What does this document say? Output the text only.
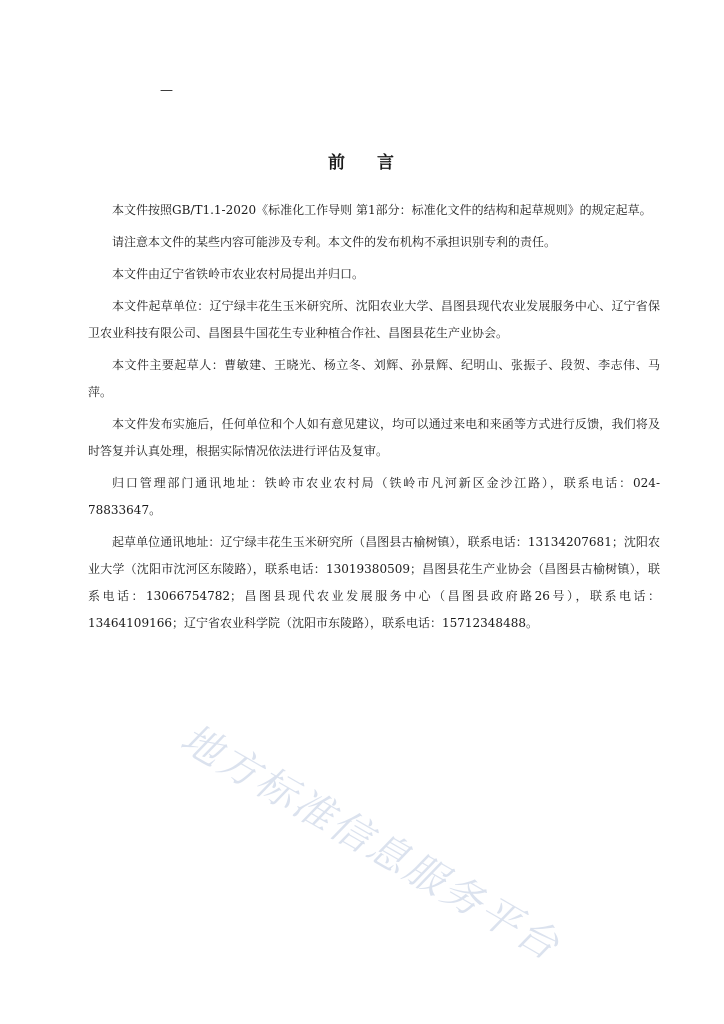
—
前 言

本文件按照GB/T1.1-2020《标准化工作导则 第1部分：标准化文件的结构和起草规则》的规定起草。

请注意本文件的某些内容可能涉及专利。本文件的发布机构不承担识别专利的责任。

本文件由辽宁省铁岭市农业农村局提出并归口。

本文件起草单位：辽宁绿丰花生玉米研究所、沈阳农业大学、昌图县现代农业发展服务中心、辽宁省保卫农业科技有限公司、昌图县牛国花生专业种植合作社、昌图县花生产业协会。

本文件主要起草人：曹敏建、王晓光、杨立冬、刘辉、孙景辉、纪明山、张振子、段贺、李志伟、马萍。

本文件发布实施后，任何单位和个人如有意见建议，均可以通过来电和来函等方式进行反馈，我们将及时答复并认真处理，根据实际情况依法进行评估及复审。

归口管理部门通讯地址：铁岭市农业农村局（铁岭市凡河新区金沙江路），联系电话：024-78833647。

起草单位通讯地址：辽宁绿丰花生玉米研究所（昌图县古榆树镇），联系电话：13134207681；沈阳农业大学（沈阳市沈河区东陵路），联系电话：13019380509；昌图县花生产业协会（昌图县古榆树镇），联系电话：13066754782；昌图县现代农业发展服务中心（昌图县政府路26号），联系电话：13464109166；辽宁省农业科学院（沈阳市东陵路），联系电话：15712348488。

地方标准信息服务平台
